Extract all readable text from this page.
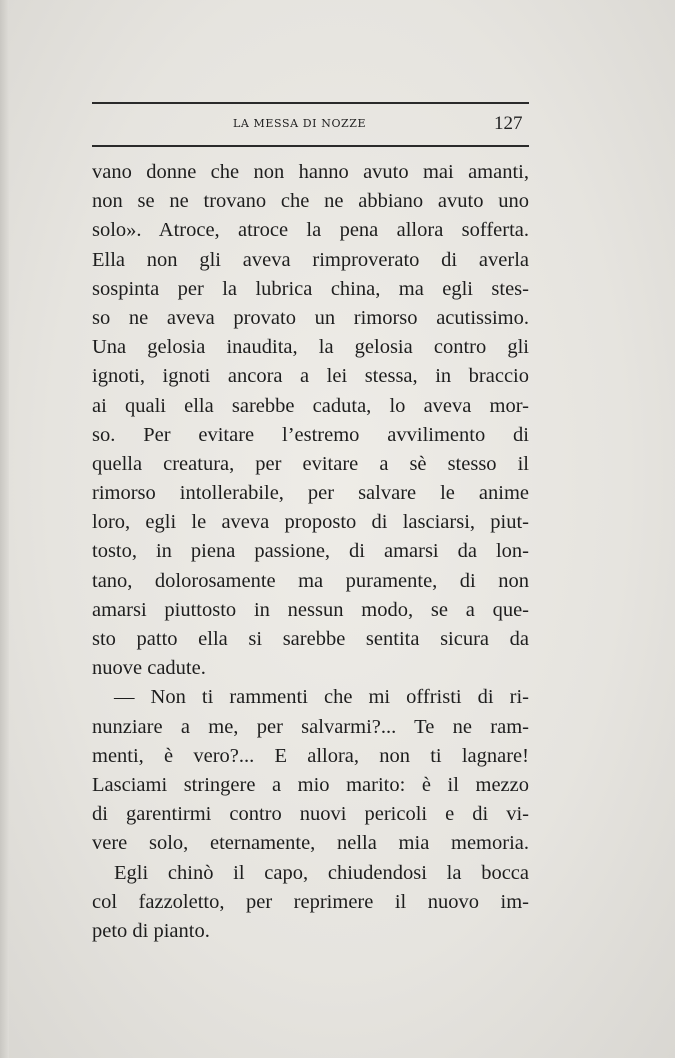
LA MESSA DI NOZZE	127
vano donne che non hanno avuto mai amanti,
non se ne trovano che ne abbiano avuto uno
solo». Atroce, atroce la pena allora sofferta.
Ella non gli aveva rimproverato di averla
sospinta per la lubrica china, ma egli stes-
so ne aveva provato un rimorso acutissimo.
Una gelosia inaudita, la gelosia contro gli
ignoti, ignoti ancora a lei stessa, in braccio
ai quali ella sarebbe caduta, lo aveva mor-
so. Per evitare l’estremo avvilimento di
quella creatura, per evitare a sè stesso il
rimorso intollerabile, per salvare le anime
loro, egli le aveva proposto di lasciarsi, piut-
tosto, in piena passione, di amarsi da lon-
tano, dolorosamente ma puramente, di non
amarsi piuttosto in nessun modo, se a que-
sto patto ella si sarebbe sentita sicura da
nuove cadute.
— Non ti rammenti che mi offristi di ri-
nunziare a me, per salvarmi?... Te ne ram-
menti, è vero?... E allora, non ti lagnare!
Lasciami stringere a mio marito: è il mezzo
di garentirmi contro nuovi pericoli e di vi-
vere solo, eternamente, nella mia memoria.
Egli chinò il capo, chiudendosi la bocca
col fazzoletto, per reprimere il nuovo im-
peto di pianto.
